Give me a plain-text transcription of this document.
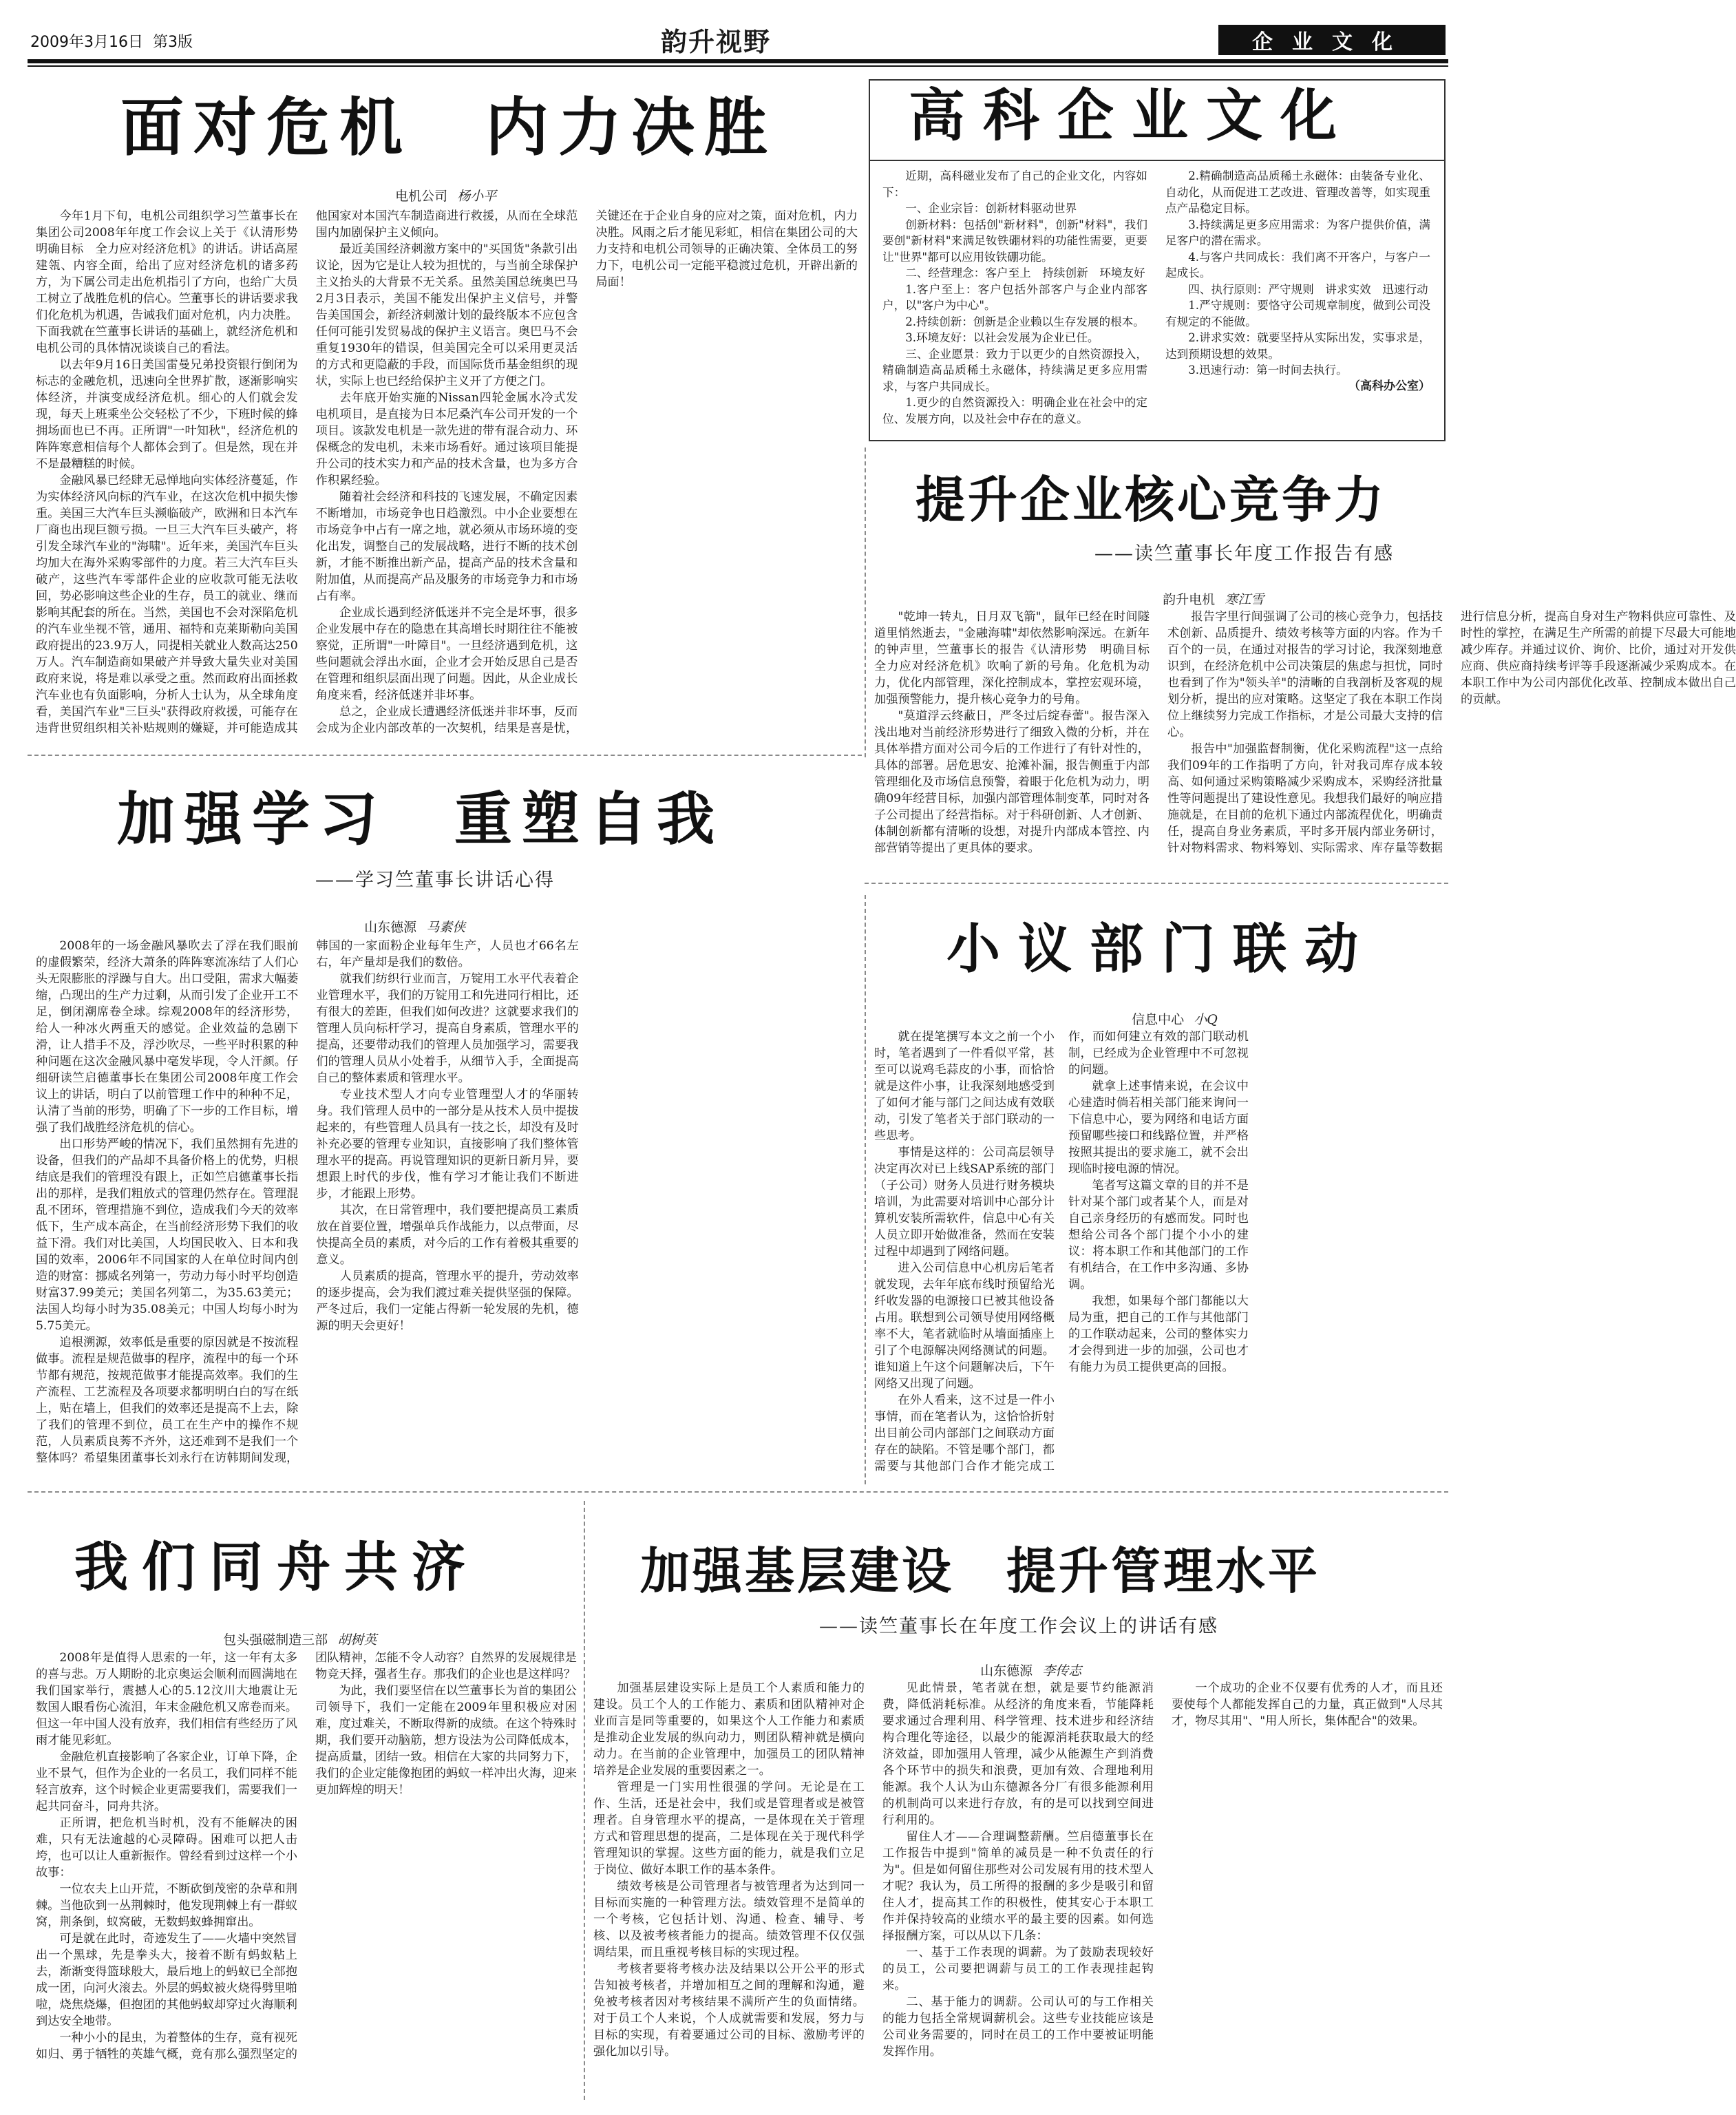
2009年3月16日 第3版	韵升视野	企业文化
面对危机　内力决胜

电机公司 杨小平

今年1月下旬，电机公司组织学习竺董事长在集团公司2008年年度工作会议上关于《认清形势　明确目标　全力应对经济危机》的讲话。讲话高屋建瓴、内容全面，给出了应对经济危机的诸多药方，为下属公司走出危机指引了方向，也给广大员工树立了战胜危机的信心。竺董事长的讲话要求我们化危机为机遇，告诫我们面对危机，内力决胜。下面我就在竺董事长讲话的基础上，就经济危机和电机公司的具体情况谈谈自己的看法。

以去年9月16日美国雷曼兄弟投资银行倒闭为标志的金融危机，迅速向全世界扩散，逐渐影响实体经济，并演变成经济危机。细心的人们就会发现，每天上班乘坐公交轻松了不少，下班时候的蜂拥场面也已不再。正所谓"一叶知秋"，经济危机的阵阵寒意相信每个人都体会到了。但是然，现在并不是最糟糕的时候。

金融风暴已经肆无忌惮地向实体经济蔓延，作为实体经济风向标的汽车业，在这次危机中损失惨重。美国三大汽车巨头濒临破产，欧洲和日本汽车厂商也出现巨额亏损。一旦三大汽车巨头破产，将引发全球汽车业的"海啸"。近年来，美国汽车巨头均加大在海外采购零部件的力度。若三大汽车巨头破产，这些汽车零部件企业的应收款可能无法收回，势必影响这些企业的生存，员工的就业、继而影响其配套的所在。当然，美国也不会对深陷危机的汽车业坐视不管，通用、福特和克莱斯勒向美国政府提出的23.9万人，同提相关就业人数高达250万人。汽车制造商如果破产并导致大量失业对美国政府来说，将是难以承受之重。然而政府出面拯救汽车业也有负面影响，分析人士认为，从全球角度看，美国汽车业"三巨头"获得政府救援，可能存在违背世贸组织相关补贴规则的嫌疑，并可能造成其他国家对本国汽车制造商进行救援，从而在全球范围内加剧保护主义倾向。

最近美国经济刺激方案中的"买国货"条款引出议论，因为它是让人较为担忧的，与当前全球保护主义抬头的大背景不无关系。虽然美国总统奥巴马2月3日表示，美国不能发出保护主义信号，并警告美国国会，新经济刺激计划的最终版本不应包含任何可能引发贸易战的保护主义语言。奥巴马不会重复1930年的错误，但美国完全可以采用更灵活的方式和更隐蔽的手段，而国际货币基金组织的现状，实际上也已经给保护主义开了方便之门。

去年底开始实施的Nissan四轮金属水冷式发电机项目，是直接为日本尼桑汽车公司开发的一个项目。该款发电机是一款先进的带有混合动力、环保概念的发电机，未来市场看好。通过该项目能提升公司的技术实力和产品的技术含量，也为多方合作积累经验。

随着社会经济和科技的飞速发展，不确定因素不断增加，市场竞争也日趋激烈。中小企业要想在市场竞争中占有一席之地，就必须从市场环境的变化出发，调整自己的发展战略，进行不断的技术创新，才能不断推出新产品，提高产品的技术含量和附加值，从而提高产品及服务的市场竞争力和市场占有率。

企业成长遇到经济低迷并不完全是坏事，很多企业发展中存在的隐患在其高增长时期往往不能被察觉，正所谓"一叶障目"。一旦经济遇到危机，这些问题就会浮出水面，企业才会开始反思自己是否在管理和组织层面出现了问题。因此，从企业成长角度来看，经济低迷并非坏事。

总之，企业成长遭遇经济低迷并非坏事，反而会成为企业内部改革的一次契机，结果是喜是忧，关键还在于企业自身的应对之策，面对危机，内力决胜。风雨之后才能见彩虹，相信在集团公司的大力支持和电机公司领导的正确决策、全体员工的努力下，电机公司一定能平稳渡过危机，开辟出新的局面！

高科企业文化

近期，高科磁业发布了自己的企业文化，内容如下：

一、企业宗旨：创新材料驱动世界

创新材料：包括创"新材料"，创新"材料"，我们要创"新材料"来满足钕铁硼材料的功能性需要，更要让"世界"都可以应用钕铁硼功能。

二、经营理念：客户至上　持续创新　环境友好

1.客户至上：客户包括外部客户与企业内部客户，以"客户为中心"。

2.持续创新：创新是企业赖以生存发展的根本。

3.环境友好：以社会发展为企业已任。

三、企业愿景：致力于以更少的自然资源投入，精确制造高品质稀土永磁体，持续满足更多应用需求，与客户共同成长。

1.更少的自然资源投入：明确企业在社会中的定位、发展方向，以及社会中存在的意义。

2.精确制造高品质稀土永磁体：由装备专业化、自动化，从而促进工艺改进、管理改善等，如实现重点产品稳定目标。

3.持续满足更多应用需求：为客户提供价值，满足客户的潜在需求。

4.与客户共同成长：我们离不开客户，与客户一起成长。

四、执行原则：严守规则　讲求实效　迅速行动

1.严守规则：要恪守公司规章制度，做到公司没有规定的不能做。

2.讲求实效：就要坚持从实际出发，实事求是，达到预期设想的效果。

3.迅速行动：第一时间去执行。

（高科办公室）
提升企业核心竞争力
——读竺董事长年度工作报告有感

韵升电机 寒江雪

"乾坤一转丸，日月双飞箭"，鼠年已经在时间隧道里悄然逝去，"金融海啸"却依然影响深远。在新年的钟声里，竺董事长的报告《认清形势　明确目标　全力应对经济危机》吹响了新的号角。化危机为动力，优化内部管理，深化控制成本，掌控宏观环境，加强预警能力，提升核心竞争力的号角。

"莫道浮云终蔽日，严冬过后绽春蕾"。报告深入浅出地对当前经济形势进行了细致入微的分析，并在具体举措方面对公司今后的工作进行了有针对性的，具体的部署。居危思安、抢滩补漏，报告侧重于内部管理细化及市场信息预警，着眼于化危机为动力，明确09年经营目标，加强内部管理体制变革，同时对各子公司提出了经营指标。对于科研创新、人才创新、体制创新都有清晰的设想，对提升内部成本管控、内部营销等提出了更具体的要求。

报告字里行间强调了公司的核心竞争力，包括技术创新、品质提升、绩效考核等方面的内容。作为千百个的一员，在通过对报告的学习讨论，我深刻地意识到，在经济危机中公司决策层的焦虑与担忧，同时也看到了作为"领头羊"的清晰的自我剖析及客观的规划分析，提出的应对策略。这坚定了我在本职工作岗位上继续努力完成工作指标，才是公司最大支持的信心。

报告中"加强监督制衡，优化采购流程"这一点给我们09年的工作指明了方向，针对我司库存成本较高、如何通过采购策略减少采购成本，采购经济批量性等问题提出了建设性意见。我想我们最好的响应措施就是，在目前的危机下通过内部流程优化，明确责任，提高自身业务素质，平时多开展内部业务研讨，针对物料需求、物料筹划、实际需求、库存量等数据进行信息分析，提高自身对生产物料供应可靠性、及时性的掌控，在满足生产所需的前提下尽最大可能地减少库存。并通过议价、询价、比价，通过对开发供应商、供应商持续考评等手段逐渐减少采购成本。在本职工作中为公司内部优化改革、控制成本做出自己的贡献。

加强学习　重塑自我
——学习竺董事长讲话心得

山东德源 马素侠

2008年的一场金融风暴吹去了浮在我们眼前的虚假繁荣，经济大萧条的阵阵寒流冻结了人们心头无限膨胀的浮躁与自大。出口受阻，需求大幅萎缩，凸现出的生产力过剩，从而引发了企业开工不足，倒闭潮席卷全球。综观2008年的经济形势，给人一种冰火两重天的感觉。企业效益的急剧下滑，让人措手不及，浮沙吹尽，一些平时积累的种种问题在这次金融风暴中毫发毕现，令人汗颜。仔细研读竺启德董事长在集团公司2008年度工作会议上的讲话，明白了以前管理工作中的种种不足，认清了当前的形势，明确了下一步的工作目标，增强了我们战胜经济危机的信心。

出口形势严峻的情况下，我们虽然拥有先进的设备，但我们的产品却不具备价格上的优势，归根结底是我们的管理没有跟上，正如竺启德董事长指出的那样，是我们粗放式的管理仍然存在。管理混乱不团环，管理措施不到位，造成我们今天的效率低下，生产成本高企，在当前经济形势下我们的收益下滑。我们对比美国，人均国民收入、日本和我国的效率，2006年不同国家的人在单位时间内创造的财富：挪威名列第一，劳动力每小时平均创造财富37.99美元；美国名列第二，为35.63美元；法国人均每小时为35.08美元；中国人均每小时为5.75美元。

追根溯源，效率低是重要的原因就是不按流程做事。流程是规范做事的程序，流程中的每一个环节都有规范，按规范做事才能提高效率。我们的生产流程、工艺流程及各项要求都明明白白的写在纸上，贴在墙上，但我们的效率还是提高不上去，除了我们的管理不到位，员工在生产中的操作不规范，人员素质良莠不齐外，这还难到不是我们一个整体吗？希望集团董事长刘永行在访韩期间发现，韩国的一家面粉企业每年生产，人员也才66名左右，年产量却是我们的数倍。

就我们纺织行业而言，万锭用工水平代表着企业管理水平，我们的万锭用工和先进同行相比，还有很大的差距，但我们如何改进？这就要求我们的管理人员向标杆学习，提高自身素质，管理水平的提高，还要带动我们的管理人员加强学习，需要我们的管理人员从小处着手，从细节入手，全面提高自己的整体素质和管理水平。

专业技术型人才向专业管理型人才的华丽转身。我们管理人员中的一部分是从技术人员中提拔起来的，有些管理人员具有一技之长，却没有及时补充必要的管理专业知识，直接影响了我们整体管理水平的提高。再说管理知识的更新日新月异，要想跟上时代的步伐，惟有学习才能让我们不断进步，才能跟上形势。

其次，在日常管理中，我们要把提高员工素质放在首要位置，增强单兵作战能力，以点带面，尽快提高全员的素质，对今后的工作有着极其重要的意义。

人员素质的提高，管理水平的提升，劳动效率的逐步提高，会为我们渡过难关提供坚强的保障。严冬过后，我们一定能占得新一轮发展的先机，德源的明天会更好！

小议部门联动

信息中心 小Q

就在提笔撰写本文之前一个小时，笔者遇到了一件看似平常，甚至可以说鸡毛蒜皮的小事，而恰恰就是这件小事，让我深刻地感受到了如何才能与部门之间达成有效联动，引发了笔者关于部门联动的一些思考。

事情是这样的：公司高层领导决定再次对已上线SAP系统的部门（子公司）财务人员进行财务模块培训，为此需要对培训中心部分计算机安装所需软件，信息中心有关人员立即开始做准备，然而在安装过程中却遇到了网络问题。

进入公司信息中心机房后笔者就发现，去年年底布线时预留给光纤收发器的电源接口已被其他设备占用。联想到公司领导使用网络概率不大，笔者就临时从墙面插座上引了个电源解决网络测试的问题。谁知道上午这个问题解决后，下午网络又出现了问题。

在外人看来，这不过是一件小事情，而在笔者认为，这恰恰折射出目前公司内部部门之间联动方面存在的缺陷。不管是哪个部门，都需要与其他部门合作才能完成工作，而如何建立有效的部门联动机制，已经成为企业管理中不可忽视的问题。

就拿上述事情来说，在会议中心建造时倘若相关部门能来询问一下信息中心，要为网络和电话方面预留哪些接口和线路位置，并严格按照其提出的要求施工，就不会出现临时接电源的情况。

笔者写这篇文章的目的并不是针对某个部门或者某个人，而是对自己亲身经历的有感而发。同时也想给公司各个部门提个小小的建议：将本职工作和其他部门的工作有机结合，在工作中多沟通、多协调。

我想，如果每个部门都能以大局为重，把自己的工作与其他部门的工作联动起来，公司的整体实力才会得到进一步的加强，公司也才有能力为员工提供更高的回报。

我们同舟共济

包头强磁制造三部 胡树英

2008年是值得人思索的一年，这一年有太多的喜与悲。万人期盼的北京奥运会顺利而圆满地在我们国家举行，震撼人心的5.12汶川大地震让无数国人眼看伤心流泪，年末金融危机又席卷而来。但这一年中国人没有放弃，我们相信有些经历了风雨才能见彩虹。

金融危机直接影响了各家企业，订单下降，企业不景气，但作为企业的一名员工，我们同样不能轻言放弃，这个时候企业更需要我们，需要我们一起共同奋斗，同舟共济。

正所谓，把危机当时机，没有不能解决的困难，只有无法逾越的心灵障碍。困难可以把人击垮，也可以让人重新振作。曾经看到过这样一个小故事：

一位农夫上山开荒，不断砍倒茂密的杂草和荆棘。当他砍到一丛荆棘时，他发现荆棘上有一群蚁窝，荆条倒，蚁窝破，无数蚂蚁蜂拥窜出。

可是就在此时，奇迹发生了——火墙中突然冒出一个黑球，先是拳头大，接着不断有蚂蚁粘上去，渐渐变得篮球般大，最后地上的蚂蚁已全部抱成一团，向河火滚去。外层的蚂蚁被火烧得劈里啪啦，烧焦烧爆，但抱团的其他蚂蚁却穿过火海顺利到达安全地带。

一种小小的昆虫，为着整体的生存，竟有视死如归、勇于牺牲的英雄气概，竟有那么强烈坚定的团队精神，怎能不令人动容？自然界的发展规律是物竞天择，强者生存。那我们的企业也是这样吗？

为此，我们要坚信在以竺董事长为首的集团公司领导下，我们一定能在2009年里积极应对困难，度过难关，不断取得新的成绩。在这个特殊时期，我们要开动脑筋，想方设法为公司降低成本，提高质量，团结一致。相信在大家的共同努力下，我们的企业定能像抱团的蚂蚁一样冲出火海，迎来更加辉煌的明天！

加强基层建设　提升管理水平
——读竺董事长在年度工作会议上的讲话有感

山东德源 李传志

加强基层建设实际上是员工个人素质和能力的建设。员工个人的工作能力、素质和团队精神对企业而言是同等重要的，如果这个人工作能力和素质是推动企业发展的纵向动力，则团队精神就是横向动力。在当前的企业管理中，加强员工的团队精神培养是企业发展的重要因素之一。

管理是一门实用性很强的学问。无论是在工作、生活，还是社会中，我们或是管理者或是被管理者。自身管理水平的提高，一是体现在关于管理方式和管理思想的提高，二是体现在关于现代科学管理知识的掌握。这些方面的能力，就是我们立足于岗位、做好本职工作的基本条件。

绩效考核是公司管理者与被管理者为达到同一目标而实施的一种管理方法。绩效管理不是简单的一个考核，它包括计划、沟通、检查、辅导、考核、以及被考核者能力的提高。绩效管理不仅仅强调结果，而且重视考核目标的实现过程。

考核者要将考核办法及结果以公开公平的形式告知被考核者，并增加相互之间的理解和沟通，避免被考核者因对考核结果不满所产生的负面情绪。对于员工个人来说，个人成就需要和发展，努力与目标的实现，有着要通过公司的目标、激励考评的强化加以引导。

见此情景，笔者就在想，就是要节约能源消费，降低消耗标准。从经济的角度来看，节能降耗要求通过合理利用、科学管理、技术进步和经济结构合理化等途径，以最少的能源消耗获取最大的经济效益，即加强用人管理，减少从能源生产到消费各个环节中的损失和浪费，更加有效、合理地利用能源。我个人认为山东德源各分厂有很多能源利用的机制尚可以来进行存放，有的是可以找到空间进行利用的。

留住人才——合理调整薪酬。竺启德董事长在工作报告中提到"简单的减员是一种不负责任的行为"。但是如何留住那些对公司发展有用的技术型人才呢？我认为，员工所得的报酬的多少是吸引和留住人才，提高其工作的积极性，使其安心于本职工作并保持较高的业绩水平的最主要的因素。如何选择报酬方案，可以从以下几条：

一、基于工作表现的调薪。为了鼓励表现较好的员工，公司要把调薪与员工的工作表现挂起钩来。

二、基于能力的调薪。公司认可的与工作相关的能力包括全常规调薪机会。这些专业技能应该是公司业务需要的，同时在员工的工作中要被证明能发挥作用。

一个成功的企业不仅要有优秀的人才，而且还要使每个人都能发挥自己的力量，真正做到"人尽其才，物尽其用"、"用人所长，集体配合"的效果。
